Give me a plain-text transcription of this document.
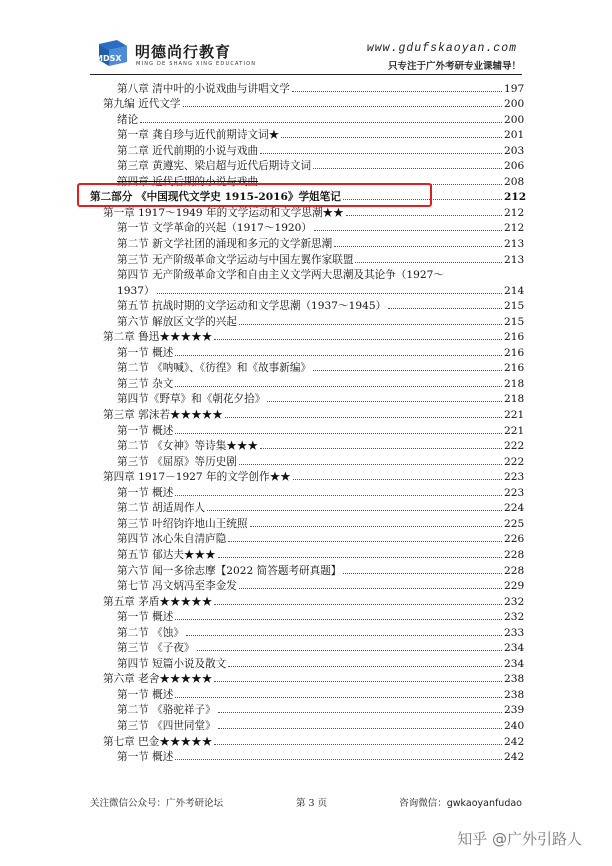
MDSX 明德尚行教育
MING DE SHANG XING EDUCATION
www.gdufskaoyan.com
只专注于广外考研专业课辅导！
第八章 清中叶的小说戏曲与讲唱文学	197
第九编 近代文学	200
绪论	200
第一章 龚自珍与近代前期诗文词★	201
第二章 近代前期的小说与戏曲	203
第三章 黄遵宪、梁启超与近代后期诗文词	206
第四章 近代后期的小说与戏曲	208
第二部分 《中国现代文学史 1915-2016》学姐笔记	212
第一章 1917～1949 年的文学运动和文学思潮★★	212
第一节 文学革命的兴起（1917～1920）	212
第二节 新文学社团的涌现和多元的文学新思潮	213
第三节 无产阶级革命文学运动与中国左翼作家联盟	213
第四节 无产阶级革命文学和自由主义文学两大思潮及其论争（1927～
1937）	214
第五节 抗战时期的文学运动和文学思潮（1937～1945）	215
第六节 解放区文学的兴起	215
第二章 鲁迅★★★★★	216
第一节 概述	216
第二节 《呐喊》、《彷徨》和《故事新编》	216
第三节 杂文	218
第四节《野草》和《朝花夕拾》	218
第三章 郭沫若★★★★★	221
第一节 概述	221
第二节 《女神》等诗集★★★	222
第三节 《屈原》等历史剧	222
第四章 1917－1927 年的文学创作★★	223
第一节 概述	223
第二节 胡适周作人	224
第三节 叶绍钧许地山王统照	225
第四节 冰心朱自清庐隐	226
第五节 郁达夫★★★	228
第六节 闻一多徐志摩【2022 简答题考研真题】	228
第七节 冯文炳冯至李金发	229
第五章 茅盾★★★★★	232
第一节 概述	232
第二节 《蚀》	233
第三节 《子夜》	234
第四节 短篇小说及散文	234
第六章 老舍★★★★★	238
第一节 概述	238
第二节 《骆驼祥子》	239
第三节 《四世同堂》	240
第七章 巴金★★★★★	242
第一节 概述	242
关注微信公众号：广外考研论坛	第 3 页	咨询微信：gwkaoyanfudao
知乎 @广外引路人
